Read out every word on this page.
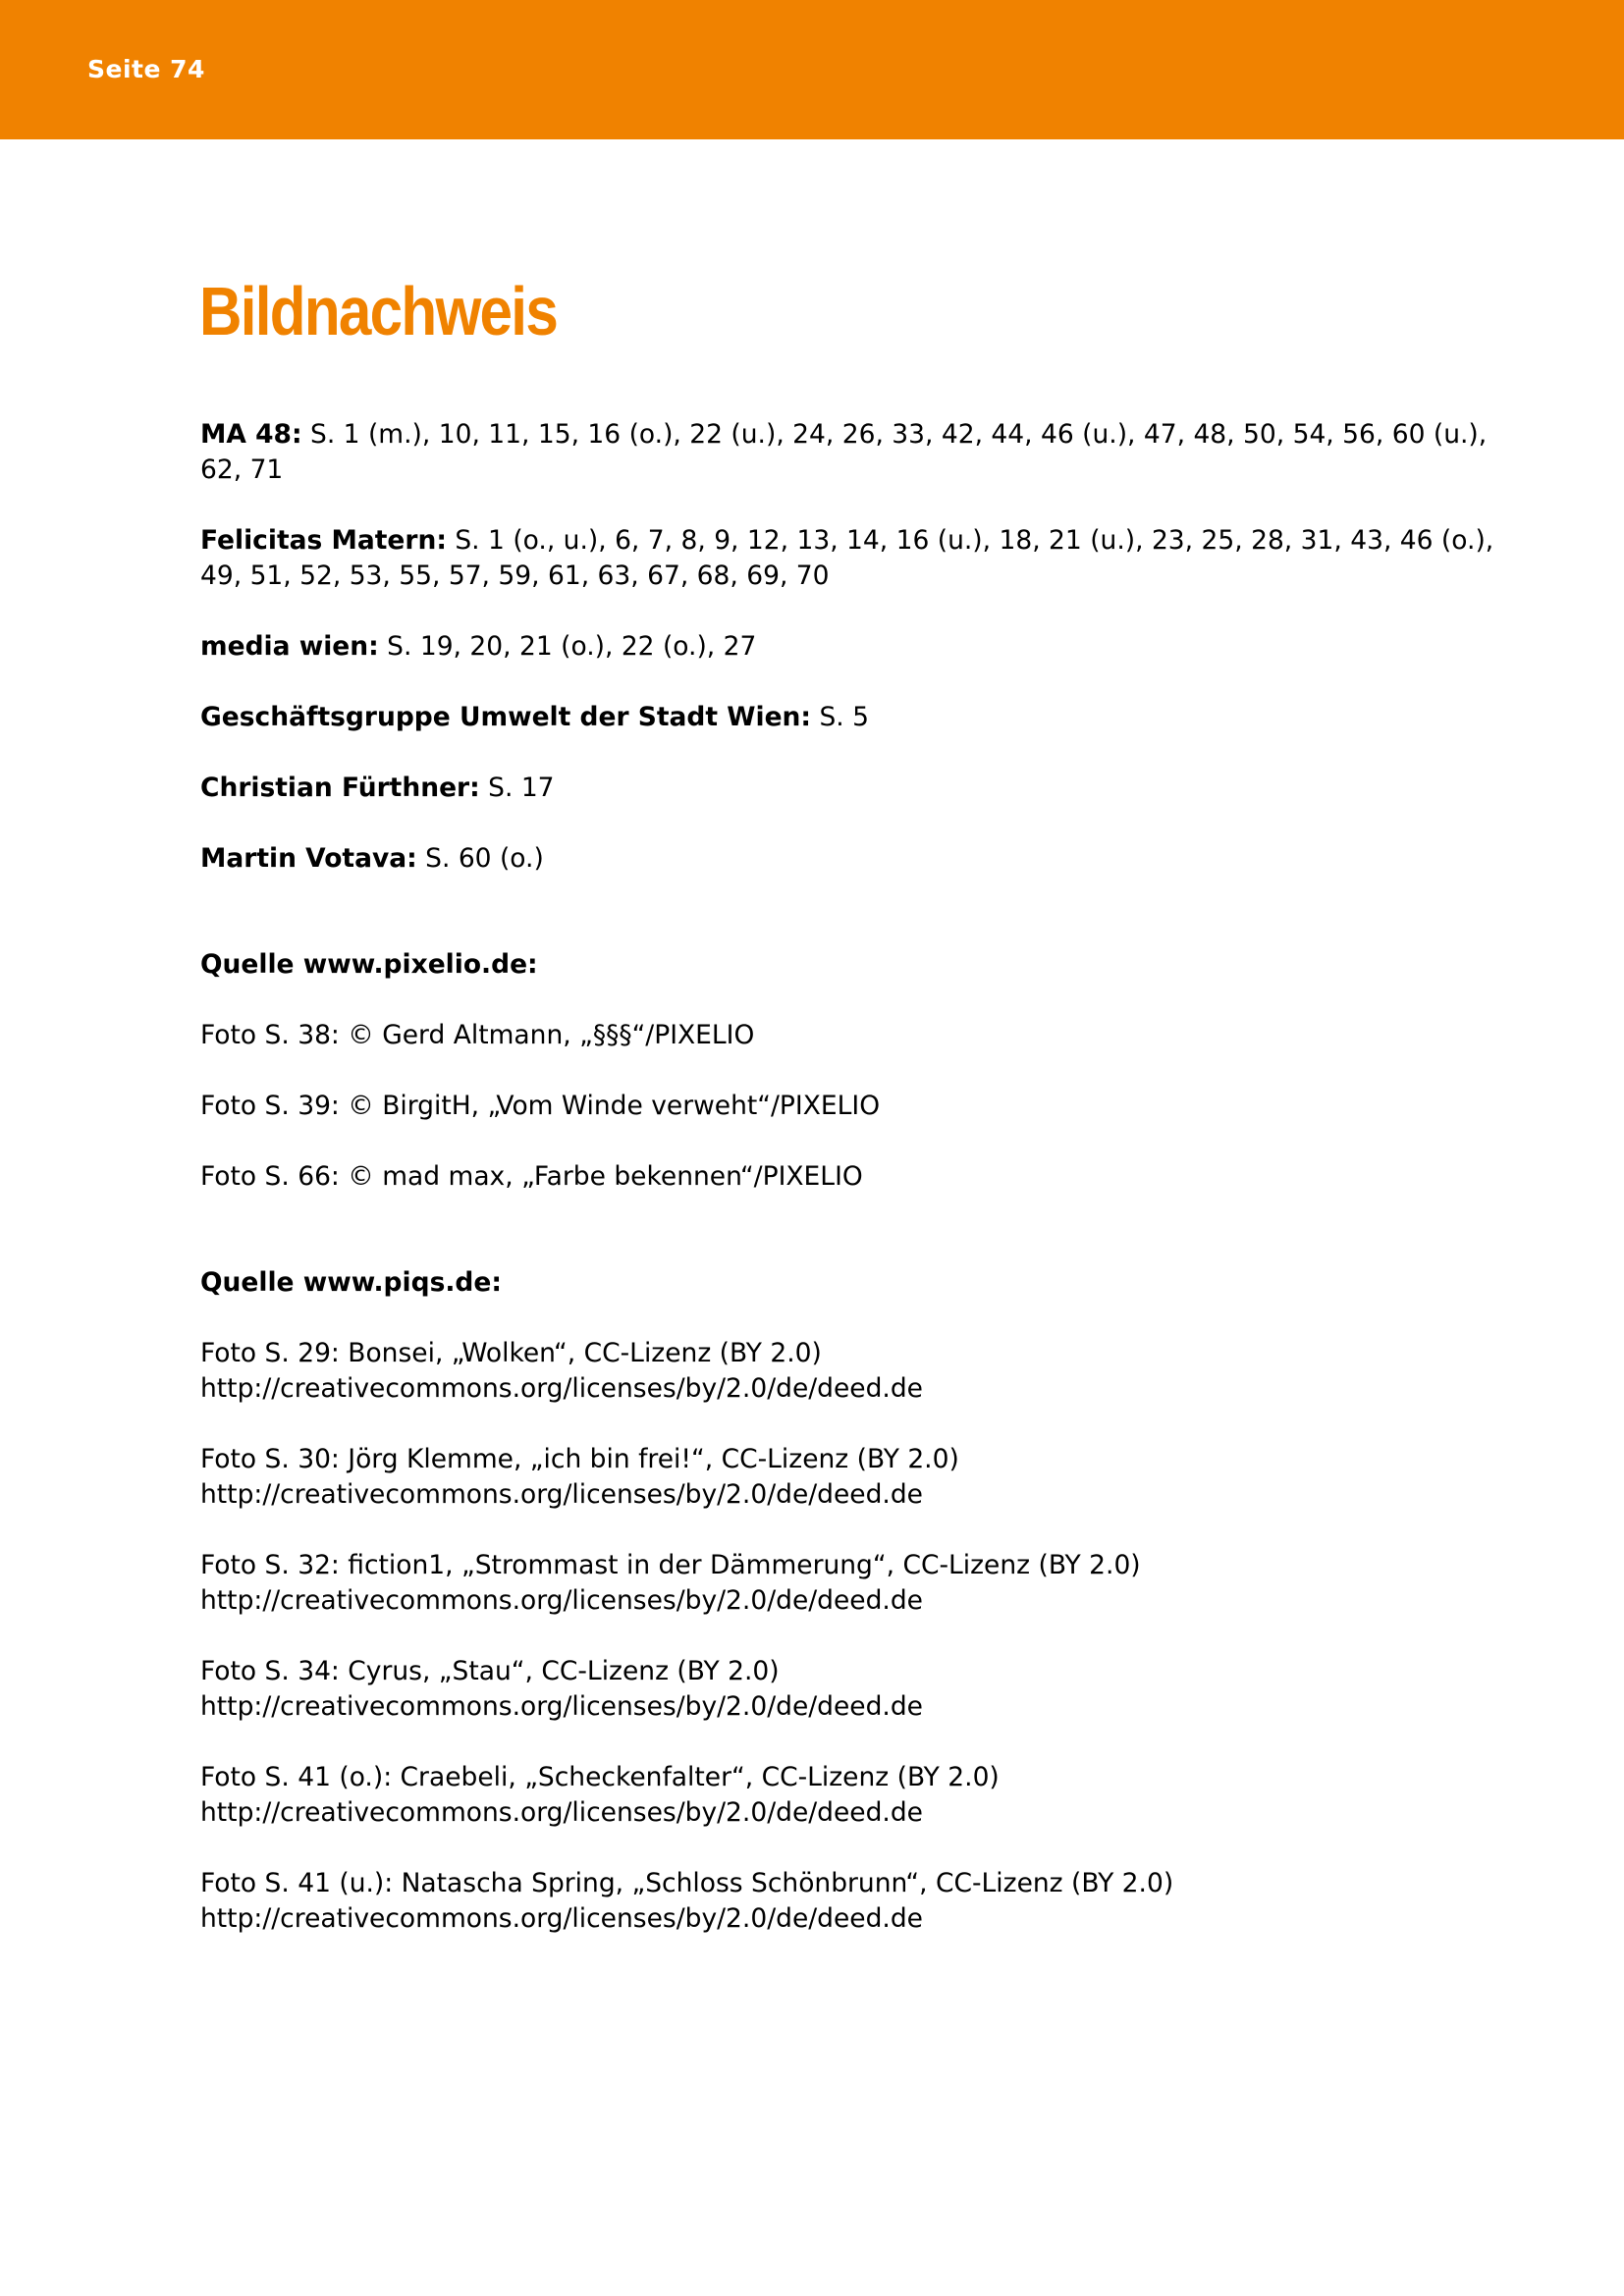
Seite 74
Bildnachweis

MA 48: S. 1 (m.), 10, 11, 15, 16 (o.), 22 (u.), 24, 26, 33, 42, 44, 46 (u.), 47, 48, 50, 54, 56, 60 (u.), 62, 71

Felicitas Matern: S. 1 (o., u.), 6, 7, 8, 9, 12, 13, 14, 16 (u.), 18, 21 (u.), 23, 25, 28, 31, 43, 46 (o.), 49, 51, 52, 53, 55, 57, 59, 61, 63, 67, 68, 69, 70

media wien: S. 19, 20, 21 (o.), 22 (o.), 27

Geschäftsgruppe Umwelt der Stadt Wien: S. 5

Christian Fürthner: S. 17

Martin Votava: S. 60 (o.)

Quelle www.pixelio.de:

Foto S. 38: © Gerd Altmann, „§§§“/PIXELIO

Foto S. 39: © BirgitH, „Vom Winde verweht“/PIXELIO

Foto S. 66: © mad max, „Farbe bekennen“/PIXELIO

Quelle www.piqs.de:

Foto S. 29: Bonsei, „Wolken“, CC-Lizenz (BY 2.0)

http://creativecommons.org/licenses/by/2.0/de/deed.de

Foto S. 30: Jörg Klemme, „ich bin frei!“, CC-Lizenz (BY 2.0)

http://creativecommons.org/licenses/by/2.0/de/deed.de

Foto S. 32: fiction1, „Strommast in der Dämmerung“, CC-Lizenz (BY 2.0)

http://creativecommons.org/licenses/by/2.0/de/deed.de

Foto S. 34: Cyrus, „Stau“, CC-Lizenz (BY 2.0)

http://creativecommons.org/licenses/by/2.0/de/deed.de

Foto S. 41 (o.): Craebeli, „Scheckenfalter“, CC-Lizenz (BY 2.0)

http://creativecommons.org/licenses/by/2.0/de/deed.de

Foto S. 41 (u.): Natascha Spring, „Schloss Schönbrunn“, CC-Lizenz (BY 2.0)

http://creativecommons.org/licenses/by/2.0/de/deed.de
